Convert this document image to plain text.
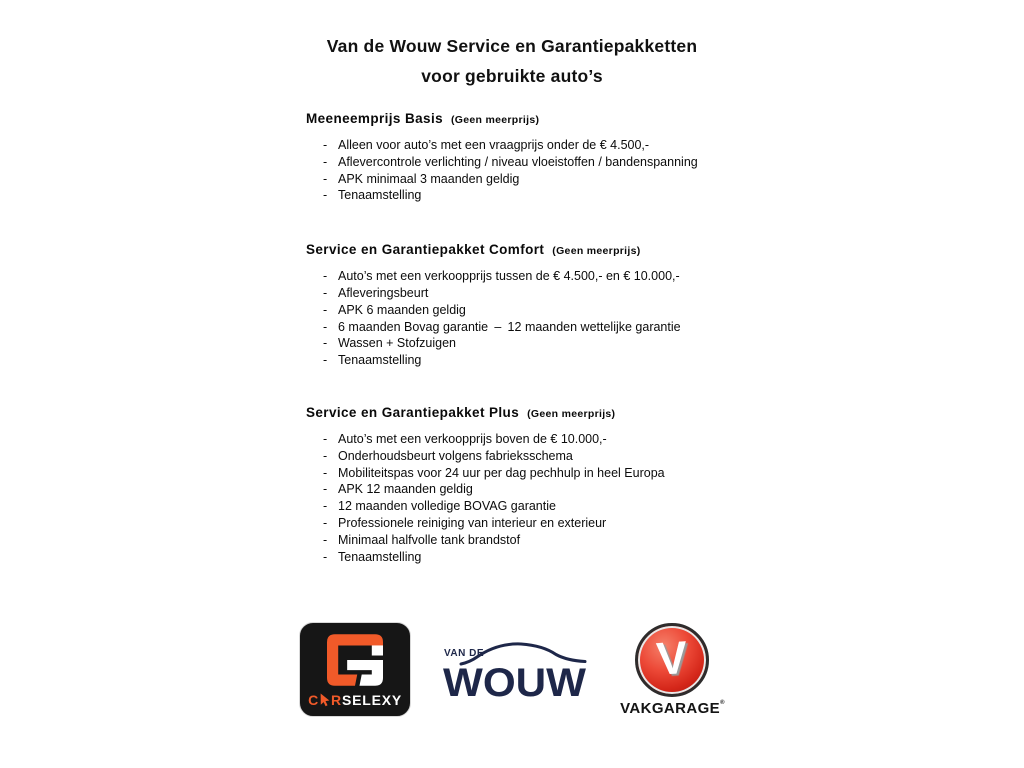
Van de Wouw Service en Garantiepakketten
voor gebruikte auto’s
Meeneemprijs Basis (Geen meerprijs)
- Alleen voor auto’s met een vraagprijs onder de € 4.500,-
- Aflevercontrole verlichting / niveau vloeistoffen / bandenspanning
- APK minimaal 3 maanden geldig
- Tenaamstelling
Service en Garantiepakket Comfort (Geen meerprijs)
- Auto’s met een verkoopprijs tussen de € 4.500,- en € 10.000,-
- Afleveringsbeurt
- APK 6 maanden geldig
- 6 maanden Bovag garantie – 12 maanden wettelijke garantie
- Wassen + Stofzuigen
- Tenaamstelling
Service en Garantiepakket Plus (Geen meerprijs)
- Auto’s met een verkoopprijs boven de € 10.000,-
- Onderhoudsbeurt volgens fabrieksschema
- Mobiliteitspas voor 24 uur per dag pechhulp in heel Europa
- APK 12 maanden geldig
- 12 maanden volledige BOVAG garantie
- Professionele reiniging van interieur en exterieur
- Minimaal halfvolle tank brandstof
- Tenaamstelling
C R SELEXY
VAN DE
WOUW V
VAKGARAGE®
